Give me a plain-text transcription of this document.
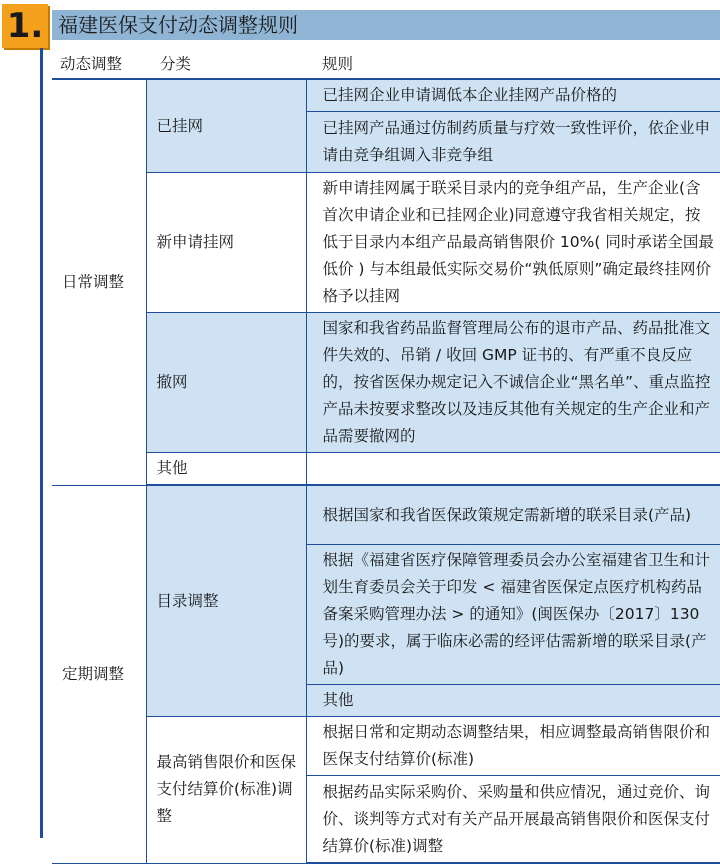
1. 福建医保支付动态调整规则
动态调整	分类	规则
日常调整	已挂网	已挂网企业申请调低本企业挂网产品价格的
		已挂网产品通过仿制药质量与疗效一致性评价，依企业申请由竞争组调入非竞争组
	新申请挂网	新申请挂网属于联采目录内的竞争组产品，生产企业(含首次申请企业和已挂网企业)同意遵守我省相关规定，按低于目录内本组产品最高销售限价 10%( 同时承诺全国最低价 ) 与本组最低实际交易价“孰低原则”确定最终挂网价格予以挂网
	撤网	国家和我省药品监督管理局公布的退市产品、药品批准文件失效的、吊销 / 收回 GMP 证书的、有严重不良反应的，按省医保办规定记入不诚信企业“黑名单”、重点监控产品未按要求整改以及违反其他有关规定的生产企业和产品需要撤网的
	其他	
定期调整	目录调整	根据国家和我省医保政策规定需新增的联采目录(产品)
		根据《福建省医疗保障管理委员会办公室福建省卫生和计划生育委员会关于印发 < 福建省医保定点医疗机构药品备案采购管理办法 > 的通知》(闽医保办〔2017〕130 号)的要求，属于临床必需的经评估需新增的联采目录(产品)
		其他
	最高销售限价和医保支付结算价(标准)调整	根据日常和定期动态调整结果，相应调整最高销售限价和医保支付结算价(标准)
		根据药品实际采购价、采购量和供应情况，通过竞价、询价、谈判等方式对有关产品开展最高销售限价和医保支付结算价(标准)调整
